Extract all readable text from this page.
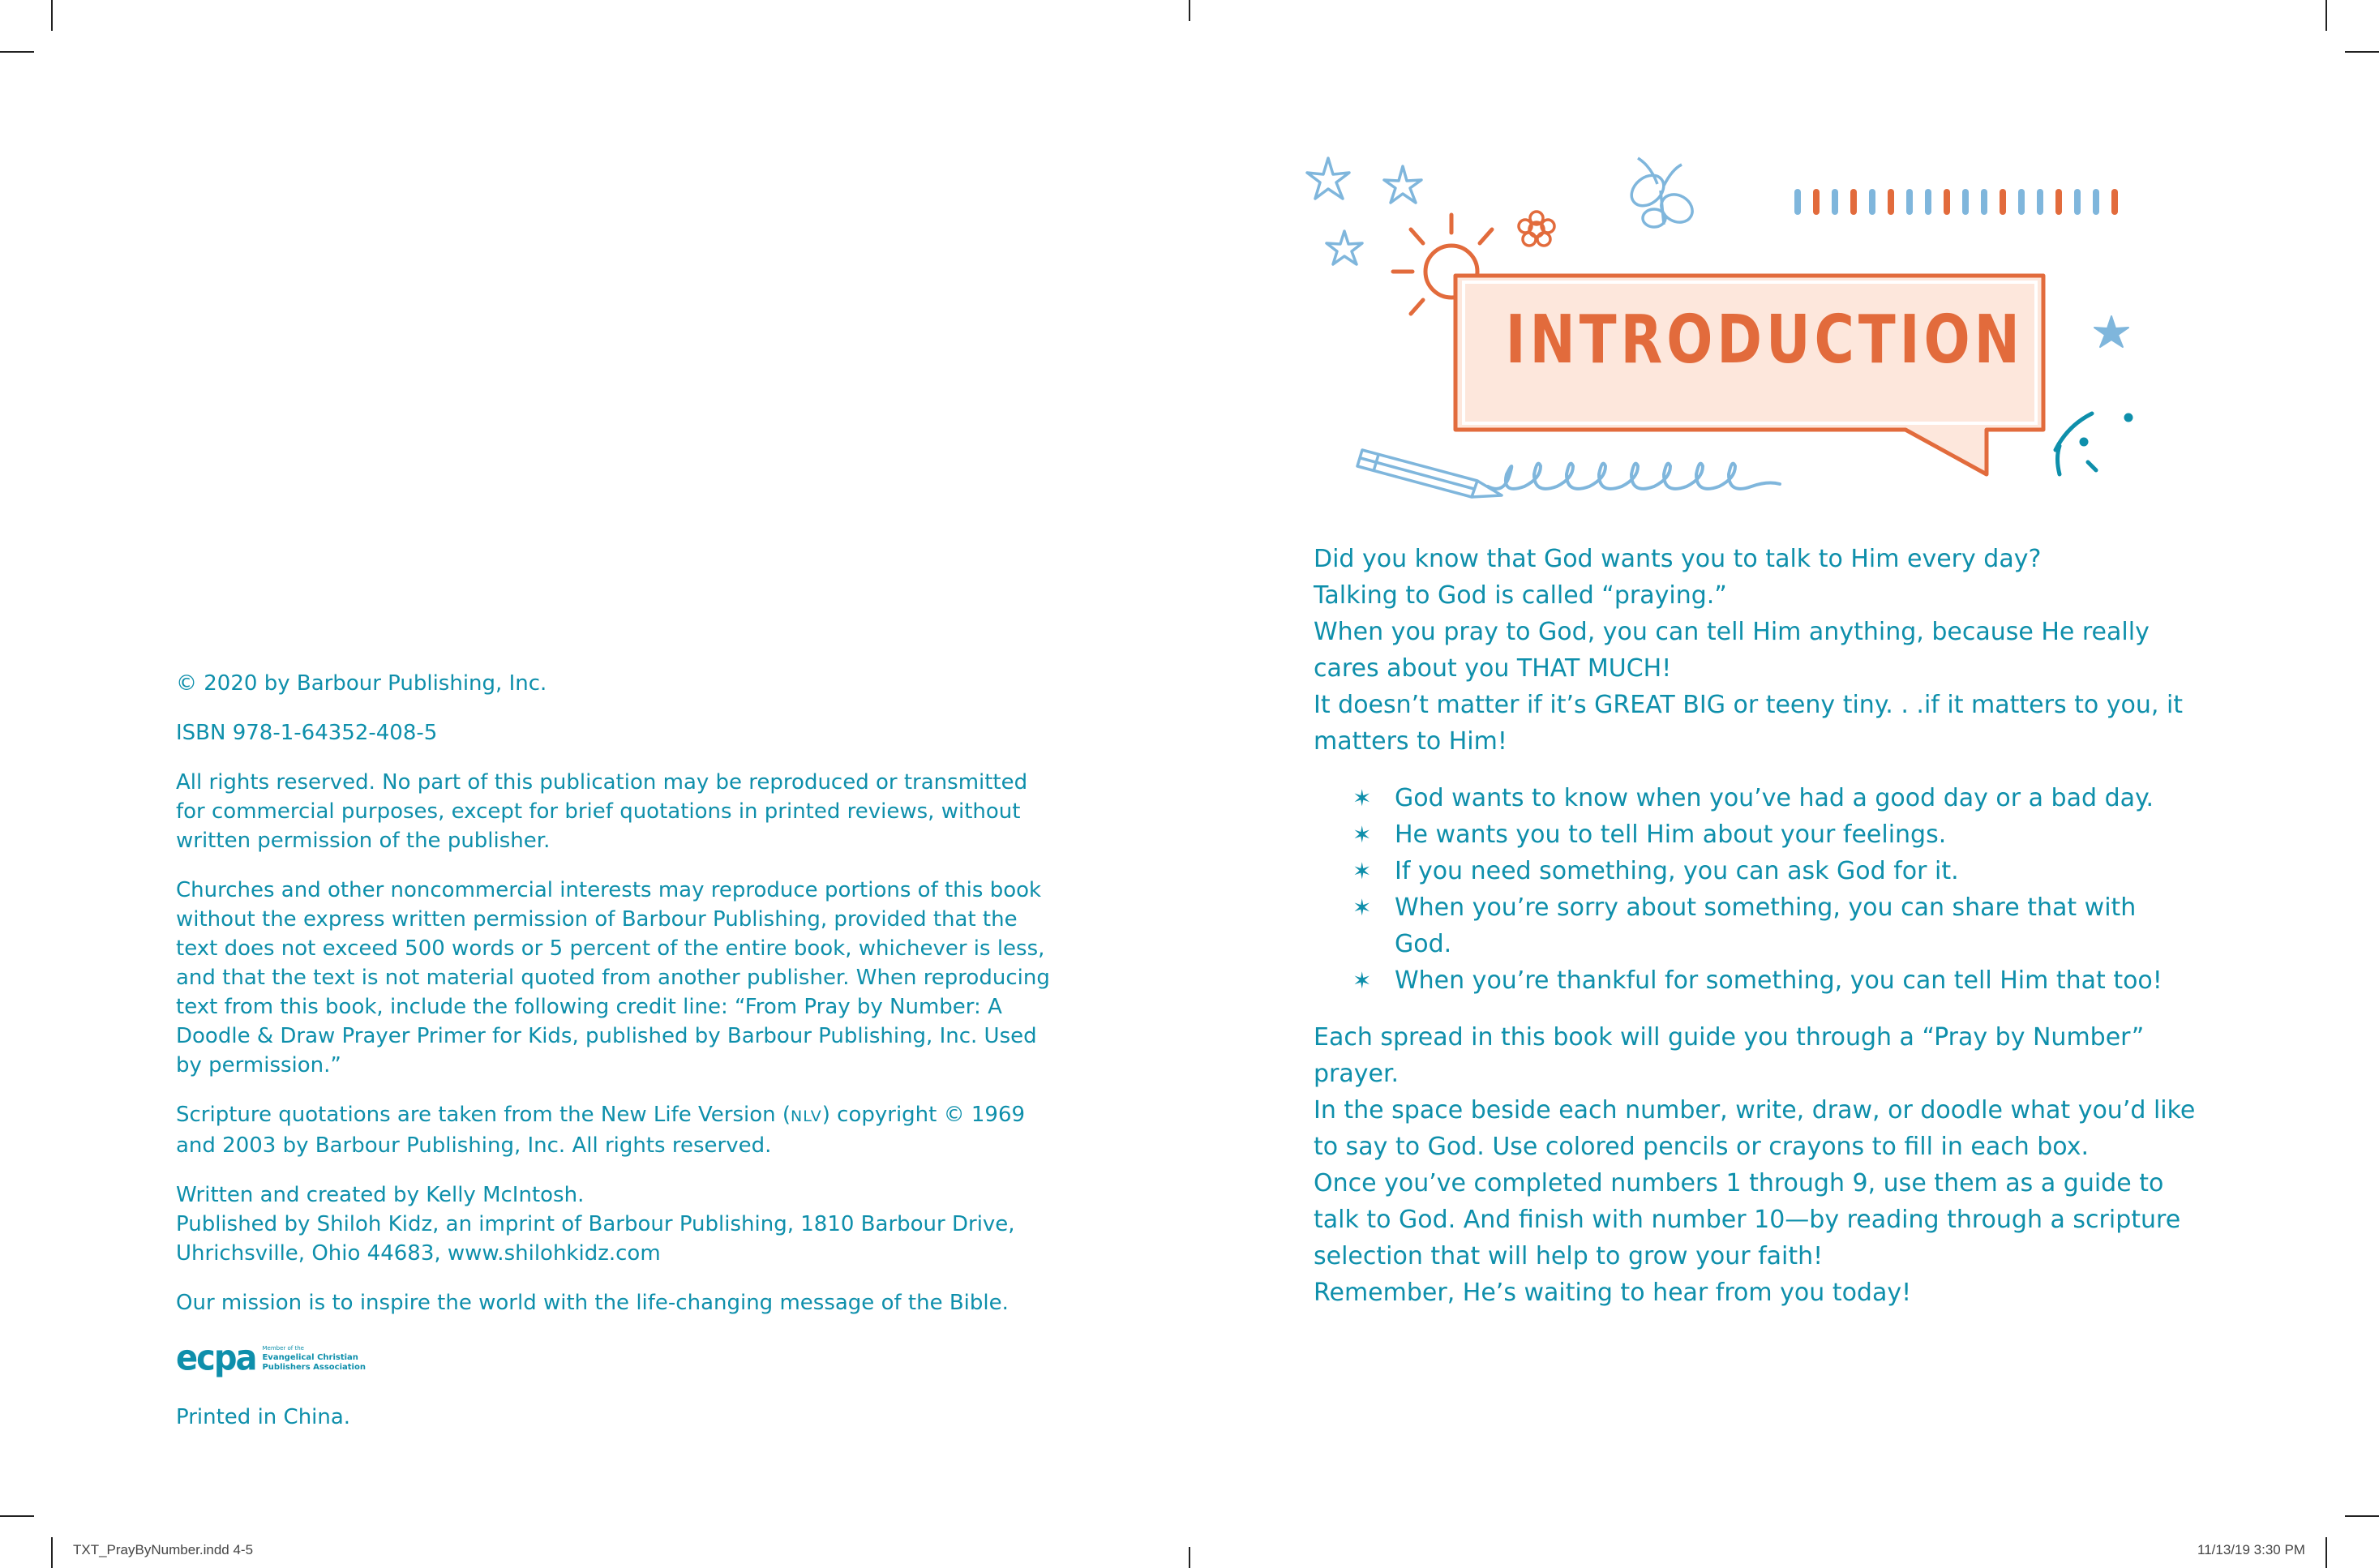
© 2020 by Barbour Publishing, Inc.

ISBN 978-1-64352-408-5

All rights reserved. No part of this publication may be reproduced or transmitted for commercial purposes, except for brief quotations in printed reviews, without written permission of the publisher.

Churches and other noncommercial interests may reproduce portions of this book without the express written permission of Barbour Publishing, provided that the text does not exceed 500 words or 5 percent of the entire book, whichever is less, and that the text is not material quoted from another publisher. When reproducing text from this book, include the following credit line: “From Pray by Number: A Doodle & Draw Prayer Primer for Kids, published by Barbour Publishing, Inc. Used by permission.”

Scripture quotations are taken from the New Life Version (NLV) copyright © 1969 and 2003 by Barbour Publishing, Inc. All rights reserved.

Written and created by Kelly McIntosh.
Published by Shiloh Kidz, an imprint of Barbour Publishing, 1810 Barbour Drive, Uhrichsville, Ohio 44683, www.shilohkidz.com

Our mission is to inspire the world with the life-changing message of the Bible.

ecpa Member of the
Evangelical Christian
Publishers Association

Printed in China.

INTRODUCTION

Did you know that God wants you to talk to Him every day?

Talking to God is called “praying.”

When you pray to God, you can tell Him anything, because He really cares about you THAT MUCH!

It doesn’t matter if it’s GREAT BIG or teeny tiny. . .if it matters to you, it matters to Him!

✶ God wants to know when you’ve had a good day or a bad day.
✶ He wants you to tell Him about your feelings.
✶ If you need something, you can ask God for it.
✶ When you’re sorry about something, you can share that with God.
✶ When you’re thankful for something, you can tell Him that too!

Each spread in this book will guide you through a “Pray by Number” prayer.

In the space beside each number, write, draw, or doodle what you’d like to say to God. Use colored pencils or crayons to fill in each box.

Once you’ve completed numbers 1 through 9, use them as a guide to talk to God. And finish with number 10—by reading through a scripture selection that will help to grow your faith!

Remember, He’s waiting to hear from you today!

TXT_PrayByNumber.indd 4-5	11/13/19 3:30 PM
